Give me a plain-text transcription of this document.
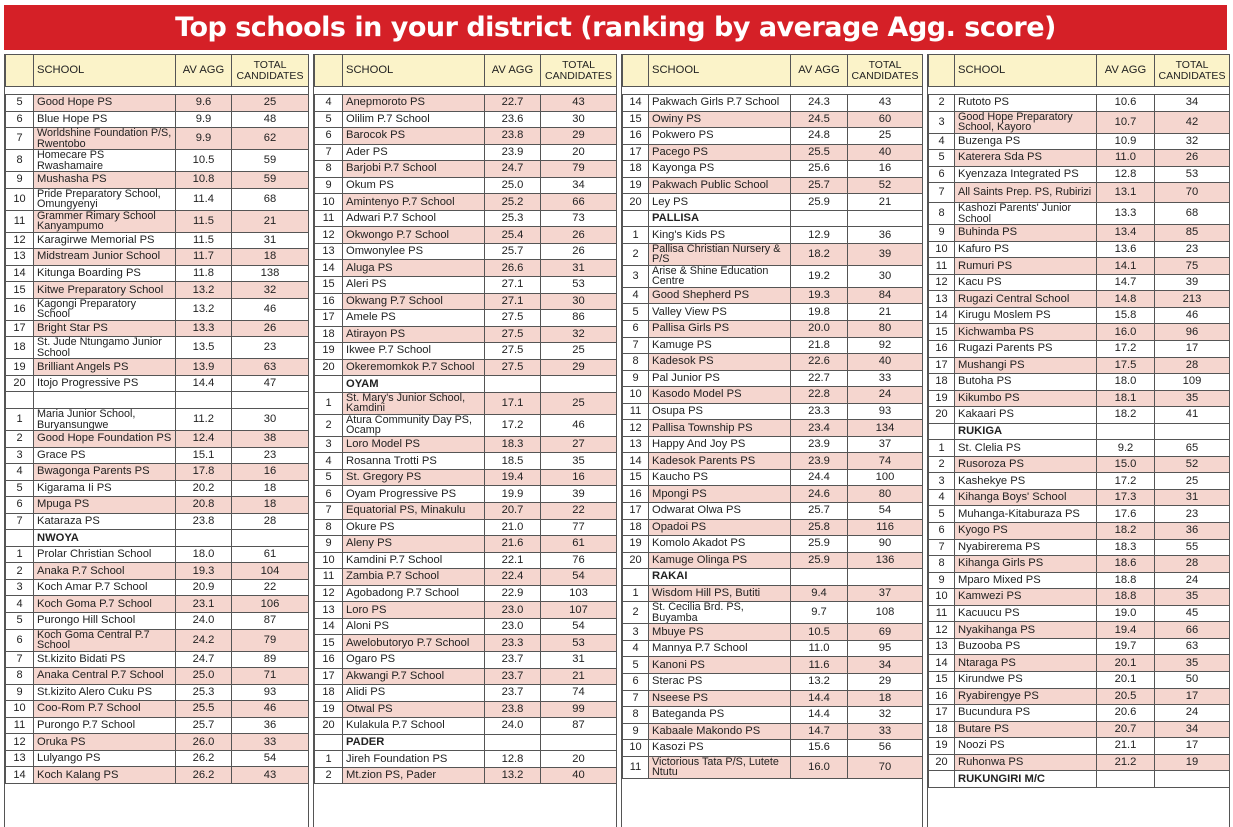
Top schools in your district (ranking by average Agg. score)
	SCHOOL	AV AGG	TOTAL CANDIDATES

5	Good Hope PS	9.6	25
6	Blue Hope PS	9.9	48
7	Worldshine Foundation P/S, Rwentobo	9.9	62
8	Homecare PS Rwashamaire	10.5	59
9	Mushasha PS	10.8	59
10	Pride Preparatory School, Omungyenyi	11.4	68
11	Grammer Rimary School Kanyampumo	11.5	21
12	Karagirwe Memorial PS	11.5	31
13	Midstream Junior School	11.7	18
14	Kitunga Boarding PS	11.8	138
15	Kitwe Preparatory School	13.2	32
16	Kagongi Preparatory School	13.2	46
17	Bright Star PS	13.3	26
18	St. Jude Ntungamo Junior School	13.5	23
19	Brilliant Angels PS	13.9	63
20	Itojo Progressive PS	14.4	47

1	Maria Junior School, Buryansungwe	11.2	30
2	Good Hope Foundation PS	12.4	38
3	Grace PS	15.1	23
4	Bwagonga Parents PS	17.8	16
5	Kigarama Ii PS	20.2	18
6	Mpuga PS	20.8	18
7	Kataraza PS	23.8	28
	NWOYA		
1	Prolar Christian School	18.0	61
2	Anaka P.7 School	19.3	104
3	Koch Amar P.7 School	20.9	22
4	Koch Goma P.7 School	23.1	106
5	Purongo Hill School	24.0	87
6	Koch Goma Central P.7 School	24.2	79
7	St.kizito Bidati PS	24.7	89
8	Anaka Central P.7 School	25.0	71
9	St.kizito Alero Cuku PS	25.3	93
10	Coo-Rom P.7 School	25.5	46
11	Purongo P.7 School	25.7	36
12	Oruka PS	26.0	33
13	Lulyango PS	26.2	54
14	Koch Kalang PS	26.2	43
	SCHOOL	AV AGG	TOTAL CANDIDATES

4	Anepmoroto PS	22.7	43
5	Olilim P.7 School	23.6	30
6	Barocok PS	23.8	29
7	Ader PS	23.9	20
8	Barjobi P.7 School	24.7	79
9	Okum PS	25.0	34
10	Amintenyo P.7 School	25.2	66
11	Adwari P.7 School	25.3	73
12	Okwongo P.7 School	25.4	26
13	Omwonylee PS	25.7	26
14	Aluga PS	26.6	31
15	Aleri PS	27.1	53
16	Okwang P.7 School	27.1	30
17	Amele PS	27.5	86
18	Atirayon PS	27.5	32
19	Ikwee P.7 School	27.5	25
20	Okeremomkok P.7 School	27.5	29
	OYAM		
1	St. Mary's Junior School, Kamdini	17.1	25
2	Atura Community Day PS, Ocamp	17.2	46
3	Loro Model PS	18.3	27
4	Rosanna Trotti PS	18.5	35
5	St. Gregory PS	19.4	16
6	Oyam Progressive PS	19.9	39
7	Equatorial PS, Minakulu	20.7	22
8	Okure PS	21.0	77
9	Aleny PS	21.6	61
10	Kamdini P.7 School	22.1	76
11	Zambia P.7 School	22.4	54
12	Agobadong P.7 School	22.9	103
13	Loro PS	23.0	107
14	Aloni PS	23.0	54
15	Awelobutoryo P.7 School	23.3	53
16	Ogaro PS	23.7	31
17	Akwangi P.7 School	23.7	21
18	Alidi PS	23.7	74
19	Otwal PS	23.8	99
20	Kulakula P.7 School	24.0	87
	PADER		
1	Jireh Foundation PS	12.8	20
2	Mt.zion PS, Pader	13.2	40
	SCHOOL	AV AGG	TOTAL CANDIDATES

14	Pakwach Girls P.7 School	24.3	43
15	Owiny PS	24.5	60
16	Pokwero PS	24.8	25
17	Pacego PS	25.5	40
18	Kayonga PS	25.6	16
19	Pakwach Public School	25.7	52
20	Ley PS	25.9	21
	PALLISA		
1	King's Kids PS	12.9	36
2	Pallisa Christian Nursery & P/S	18.2	39
3	Arise & Shine Education Centre	19.2	30
4	Good Shepherd PS	19.3	84
5	Valley View PS	19.8	21
6	Pallisa Girls PS	20.0	80
7	Kamuge PS	21.8	92
8	Kadesok PS	22.6	40
9	Pal Junior PS	22.7	33
10	Kasodo Model PS	22.8	24
11	Osupa PS	23.3	93
12	Pallisa Township PS	23.4	134
13	Happy And Joy PS	23.9	37
14	Kadesok Parents PS	23.9	74
15	Kaucho PS	24.4	100
16	Mpongi PS	24.6	80
17	Odwarat Olwa PS	25.7	54
18	Opadoi PS	25.8	116
19	Komolo Akadot PS	25.9	90
20	Kamuge Olinga PS	25.9	136
	RAKAI		
1	Wisdom Hill PS, Butiti	9.4	37
2	St. Cecilia Brd. PS, Buyamba	9.7	108
3	Mbuye PS	10.5	69
4	Mannya P.7 School	11.0	95
5	Kanoni PS	11.6	34
6	Sterac PS	13.2	29
7	Nseese PS	14.4	18
8	Bateganda PS	14.4	32
9	Kabaale Makondo PS	14.7	33
10	Kasozi PS	15.6	56
11	Victorious Tata P/S, Lutete Ntutu	16.0	70
	SCHOOL	AV AGG	TOTAL CANDIDATES

2	Rutoto PS	10.6	34
3	Good Hope Preparatory School, Kayoro	10.7	42
4	Buzenga PS	10.9	32
5	Katerera Sda PS	11.0	26
6	Kyenzaza Integrated PS	12.8	53
7	All Saints Prep. PS, Rubirizi	13.1	70
8	Kashozi Parents' Junior School	13.3	68
9	Buhinda PS	13.4	85
10	Kafuro PS	13.6	23
11	Rumuri PS	14.1	75
12	Kacu PS	14.7	39
13	Rugazi Central School	14.8	213
14	Kirugu Moslem PS	15.8	46
15	Kichwamba PS	16.0	96
16	Rugazi Parents PS	17.2	17
17	Mushangi PS	17.5	28
18	Butoha PS	18.0	109
19	Kikumbo PS	18.1	35
20	Kakaari PS	18.2	41
	RUKIGA		
1	St. Clelia PS	9.2	65
2	Rusoroza PS	15.0	52
3	Kashekye PS	17.2	25
4	Kihanga Boys' School	17.3	31
5	Muhanga-Kitaburaza PS	17.6	23
6	Kyogo PS	18.2	36
7	Nyabirerema PS	18.3	55
8	Kihanga Girls PS	18.6	28
9	Mparo Mixed PS	18.8	24
10	Kamwezi PS	18.8	35
11	Kacuucu PS	19.0	45
12	Nyakihanga PS	19.4	66
13	Buzooba PS	19.7	63
14	Ntaraga PS	20.1	35
15	Kirundwe PS	20.1	50
16	Ryabirengye PS	20.5	17
17	Bucundura PS	20.6	24
18	Butare PS	20.7	34
19	Noozi PS	21.1	17
20	Ruhonwa PS	21.2	19
	RUKUNGIRI M/C		
